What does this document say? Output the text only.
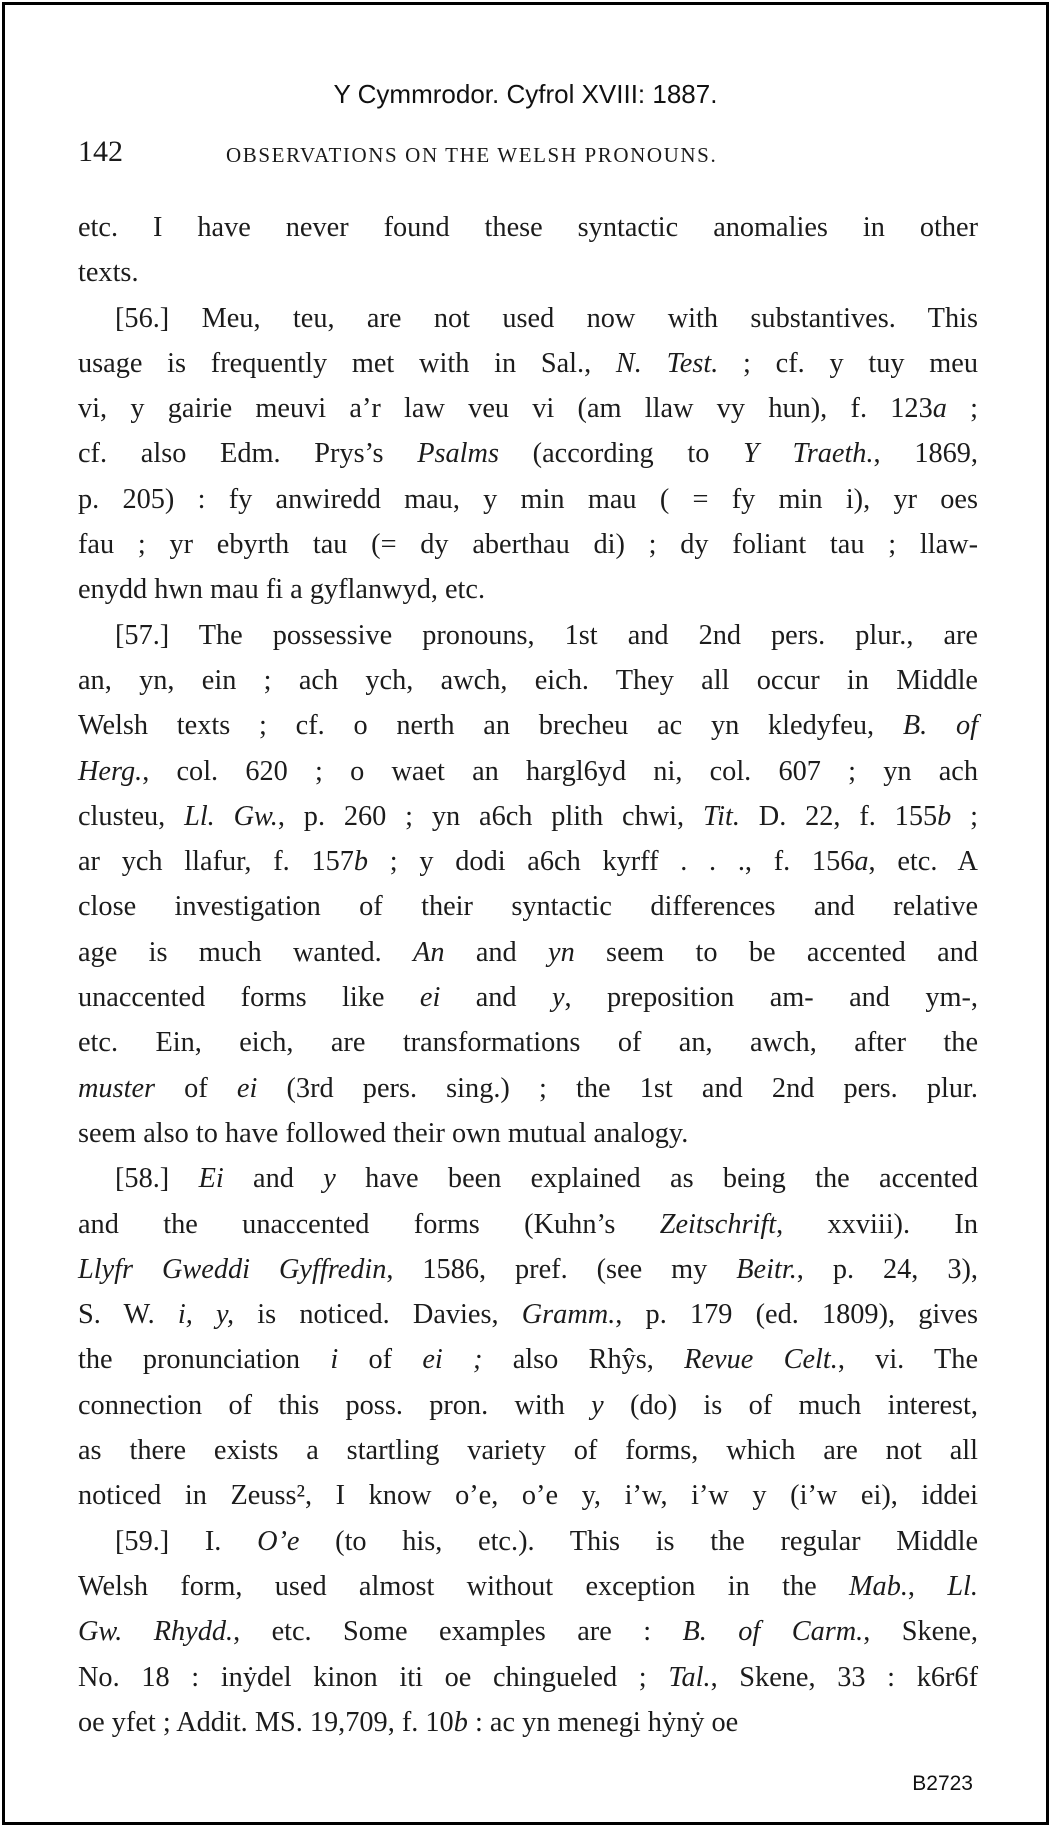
Y Cymmrodor. Cyfrol XVIII: 1887.
142	OBSERVATIONS ON THE WELSH PRONOUNS.
etc. I have never found these syntactic anomalies in other
texts.
[56.] Meu, teu, are not used now with substantives. This
usage is frequently met with in Sal., N. Test. ; cf. y tuy meu
vi, y gairie meuvi a’r law veu vi (am llaw vy hun), f. 123a ;
cf. also Edm. Prys’s Psalms (according to Y Traeth., 1869,
p. 205) : fy anwiredd mau, y min mau ( = fy min i), yr oes
fau ; yr ebyrth tau (= dy aberthau di) ; dy foliant tau ; llaw-
enydd hwn mau fi a gyflanwyd, etc.
[57.] The possessive pronouns, 1st and 2nd pers. plur., are
an, yn, ein ; ach ych, awch, eich. They all occur in Middle
Welsh texts ; cf. o nerth an brecheu ac yn kledyfeu, B. of
Herg., col. 620 ; o waet an hargl6yd ni, col. 607 ; yn ach
clusteu, Ll. Gw., p. 260 ; yn a6ch plith chwi, Tit. D. 22, f. 155b ;
ar ych llafur, f. 157b ; y dodi a6ch kyrff . . ., f. 156a, etc. A
close investigation of their syntactic differences and relative
age is much wanted. An and yn seem to be accented and
unaccented forms like ei and y, preposition am- and ym-,
etc. Ein, eich, are transformations of an, awch, after the
muster of ei (3rd pers. sing.) ; the 1st and 2nd pers. plur.
seem also to have followed their own mutual analogy.
[58.] Ei and y have been explained as being the accented
and the unaccented forms (Kuhn’s Zeitschrift, xxviii). In
Llyfr Gweddi Gyffredin, 1586, pref. (see my Beitr., p. 24, 3),
S. W. i, y, is noticed. Davies, Gramm., p. 179 (ed. 1809), gives
the pronunciation i of ei ; also Rhŷs, Revue Celt., vi. The
connection of this poss. pron. with y (do) is of much interest,
as there exists a startling variety of forms, which are not all
noticed in Zeuss², I know o’e, o’e y, i’w, i’w y (i’w ei), iddei
[59.] I. O’e (to his, etc.). This is the regular Middle
Welsh form, used almost without exception in the Mab., Ll.
Gw. Rhydd., etc. Some examples are : B. of Carm., Skene,
No. 18 : inẏdel kinon iti oe chingueled ; Tal., Skene, 33 : k6r6f
oe yfet ; Addit. MS. 19,709, f. 10b : ac yn menegi hẏnẏ oe
B2723
